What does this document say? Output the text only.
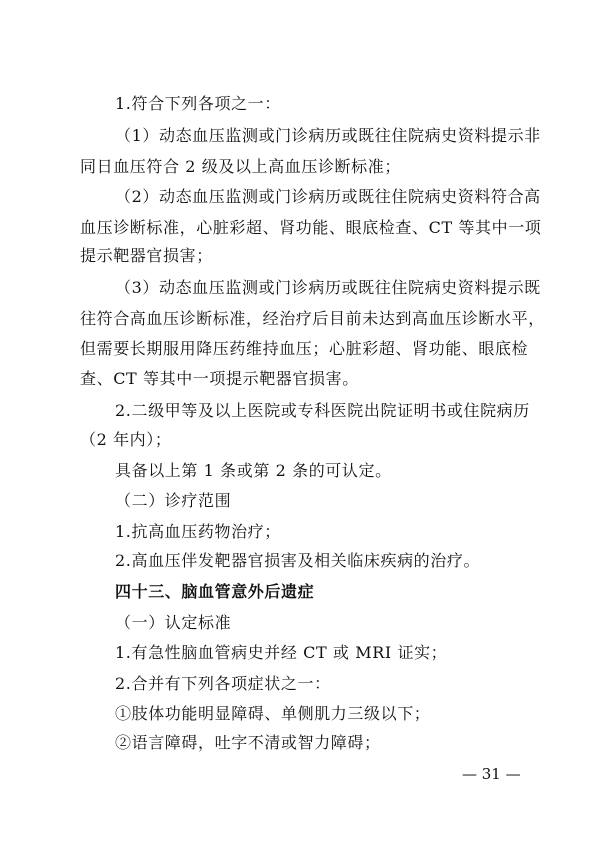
1.符合下列各项之一：
（1）动态血压监测或门诊病历或既往住院病史资料提示非
同日血压符合 2 级及以上高血压诊断标准；
（2）动态血压监测或门诊病历或既往住院病史资料符合高
血压诊断标准，心脏彩超、肾功能、眼底检查、CT 等其中一项
提示靶器官损害；
（3）动态血压监测或门诊病历或既往住院病史资料提示既
往符合高血压诊断标准，经治疗后目前未达到高血压诊断水平，
但需要长期服用降压药维持血压；心脏彩超、肾功能、眼底检
查、CT 等其中一项提示靶器官损害。
2.二级甲等及以上医院或专科医院出院证明书或住院病历
（2 年内）；
具备以上第 1 条或第 2 条的可认定。
（二）诊疗范围
1.抗高血压药物治疗；
2.高血压伴发靶器官损害及相关临床疾病的治疗。
四十三、脑血管意外后遗症
（一）认定标准
1.有急性脑血管病史并经 CT 或 MRI 证实；
2.合并有下列各项症状之一：
①肢体功能明显障碍、单侧肌力三级以下；
②语言障碍，吐字不清或智力障碍；
— 31 —
